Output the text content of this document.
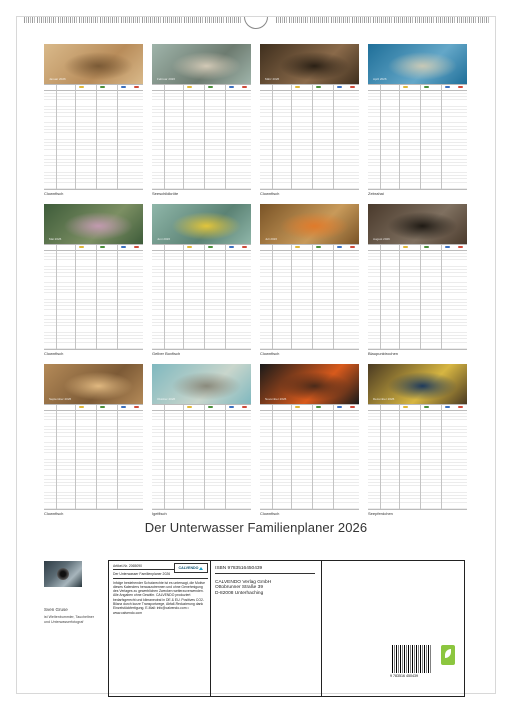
Januar 2026
Clownfisch
Februar 2026
Seeschildkröte
März 2026
Clownfisch
April 2026
Zebrahai
Mai 2026
Clownfisch
Juni 2026
Gelber Boxfisch
Juli 2026
Clownfisch
August 2026
Blaupunktrochen
September 2026
Clownfisch
Oktober 2026
Igelfisch
November 2026
Clownfisch
Dezember 2026
Seepferdchen
Der Unterwasser Familienplaner 2026
Sven Gruse
ist Weltenbummler, Taucheltner und Unterwasserfotograf
Artikel-Nr. 2065090
Der Unterwasser Familienplaner 2026
Infolge bestehender Schutzrechte ist es untersagt, die Motive dieses Kalenders herauszutrennen und ohne Genehmigung des Verlages zu gewerblichen Zwecken weiterzuverwenden. Alle Angaben ohne Gewähr. CALVENDO produziert bedarfsgerecht und klimaneutral in DE & EU. Positives CO2-Bilanz durch kurze Transportwege, Abfall-Reduzierung dank Einzelstückfertigung. E-Mail: info@calvendo.com • www.calvendo.com
CALVENDO	ISBN 9783516450439
CALVENDO Verlag GmbH
Ottobrunner Straße 39
D-82008 Unterhaching
9 783516 450439
